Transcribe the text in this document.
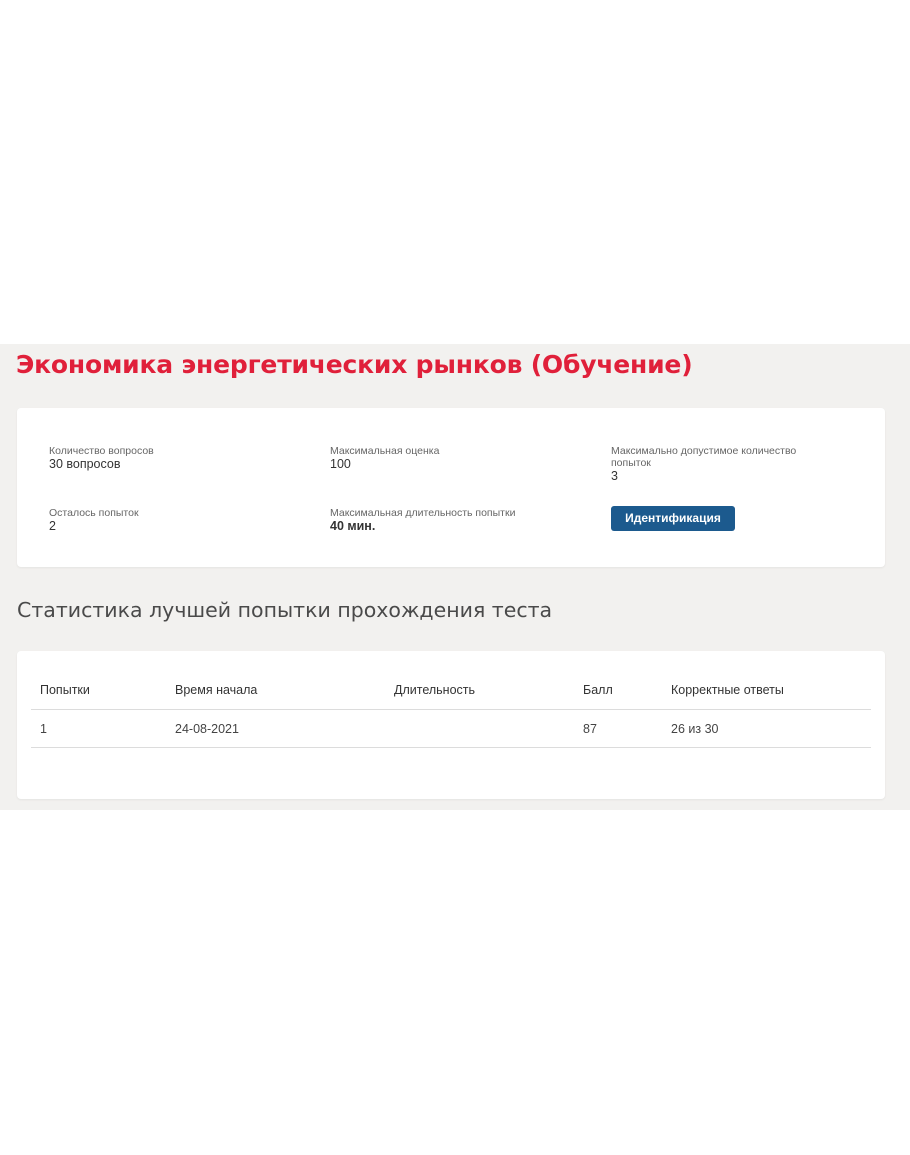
Экономика энергетических рынков (Обучение)
Количество вопросов
30 вопросов
Максимальная оценка
100
Максимально допустимое количество попыток
3
Осталось попыток
2
Максимальная длительность попытки
40 мин.
Идентификация
Статистика лучшей попытки прохождения теста
Попытки	Время начала	Длительность	Балл	Корректные ответы
1	24-08-2021		87	26 из 30
